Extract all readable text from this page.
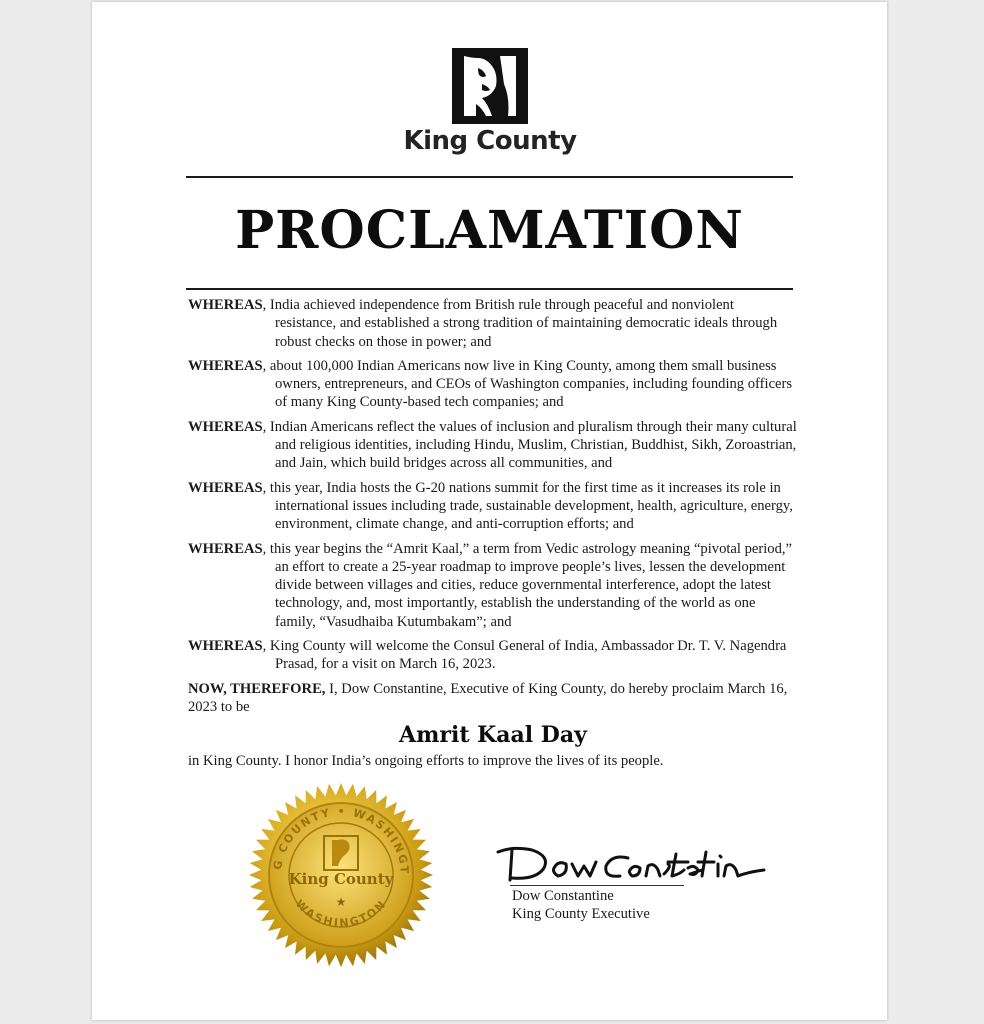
King County
PROCLAMATION

WHEREAS, India achieved independence from British rule through peaceful and nonviolent resistance, and established a strong tradition of maintaining democratic ideals through robust checks on those in power; and

WHEREAS, about 100,000 Indian Americans now live in King County, among them small business owners, entrepreneurs, and CEOs of Washington companies, including founding officers of many King County-based tech companies; and

WHEREAS, Indian Americans reflect the values of inclusion and pluralism through their many cultural and religious identities, including Hindu, Muslim, Christian, Buddhist, Sikh, Zoroastrian, and Jain, which build bridges across all communities, and

WHEREAS, this year, India hosts the G-20 nations summit for the first time as it increases its role in international issues including trade, sustainable development, health, agriculture, energy, environment, climate change, and anti-corruption efforts; and

WHEREAS, this year begins the “Amrit Kaal,” a term from Vedic astrology meaning “pivotal period,” an effort to create a 25-year roadmap to improve people’s lives, lessen the development divide between villages and cities, reduce governmental interference, adopt the latest technology, and, most importantly, establish the understanding of the world as one family, “Vasudhaiba Kutumbakam”; and

WHEREAS, King County will welcome the Consul General of India, Ambassador Dr. T. V. Nagendra Prasad, for a visit on March 16, 2023.

NOW, THEREFORE, I, Dow Constantine, Executive of King County, do hereby proclaim March 16, 2023 to be

Amrit Kaal Day

in King County. I honor India’s ongoing efforts to improve the lives of its people.

G COUNTY • WASHINGT
King County
★
WASHINGTON
Dow Constantine
King County Executive
